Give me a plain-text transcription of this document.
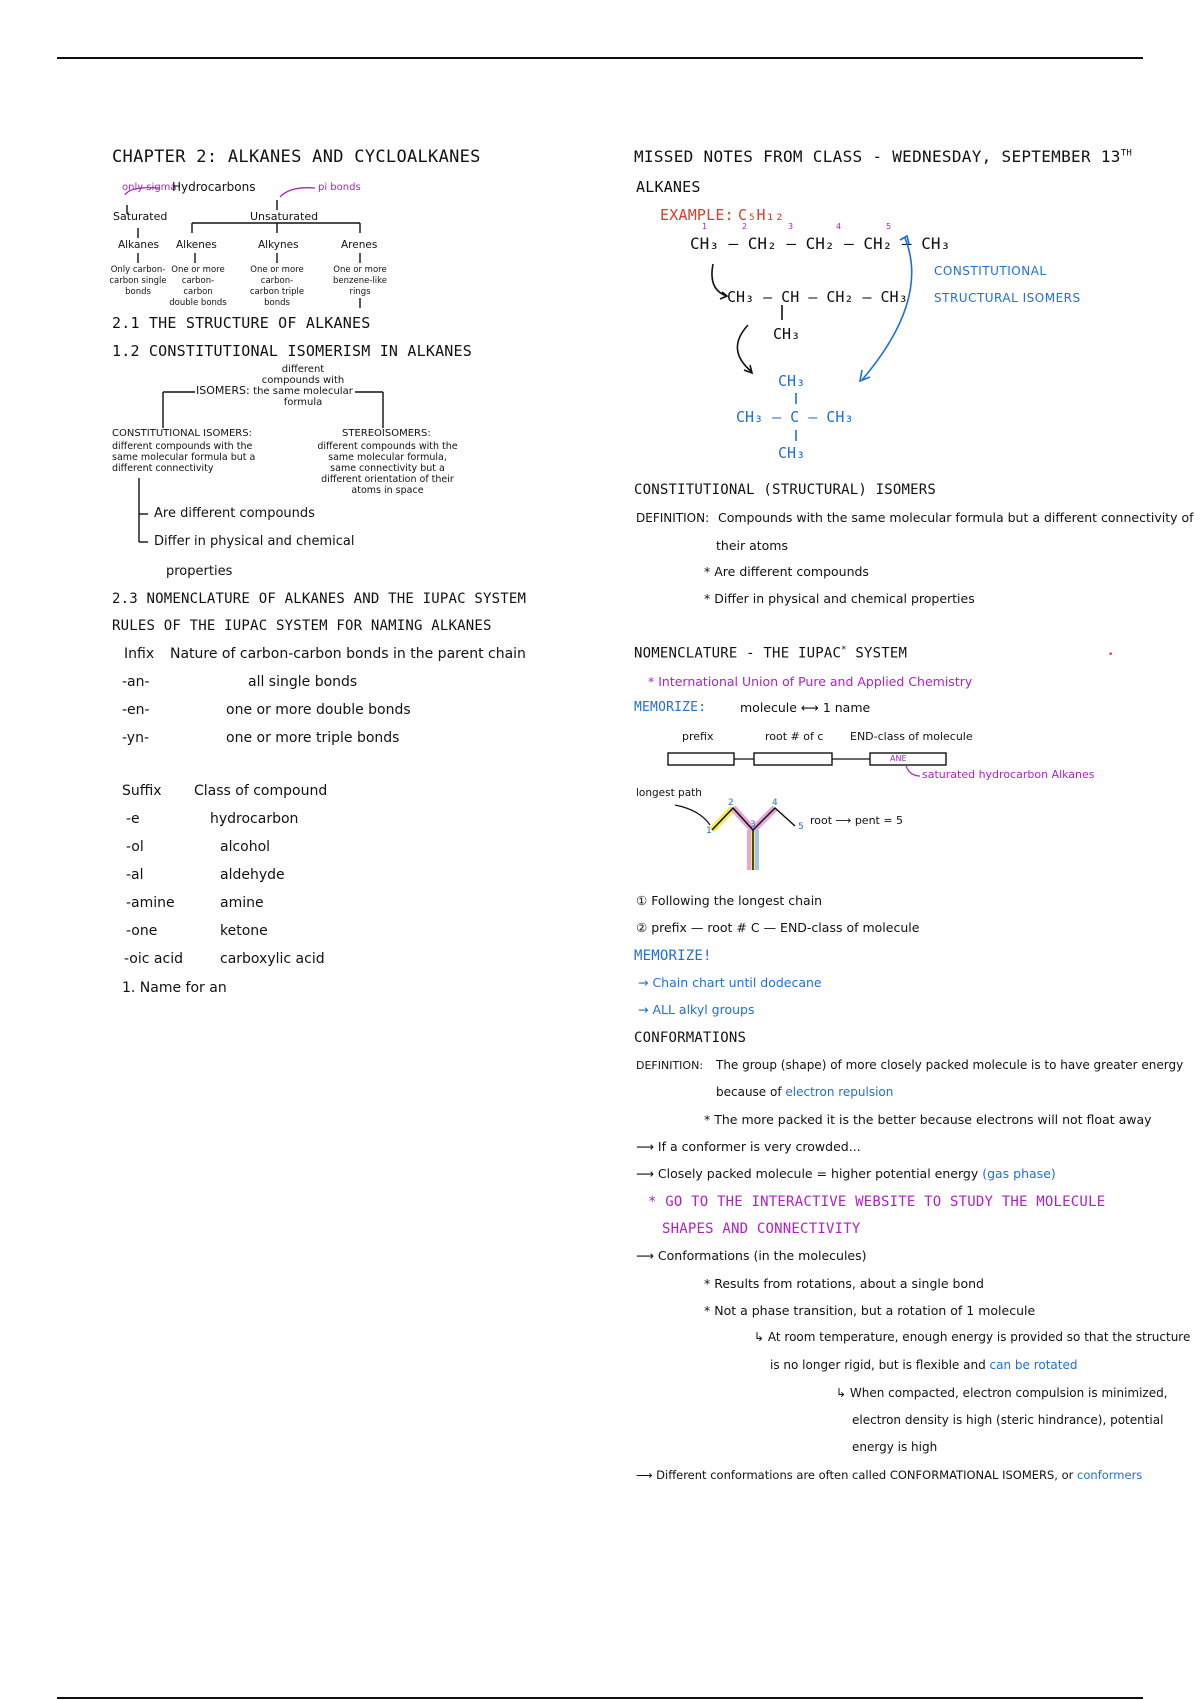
CHAPTER 2: ALKANES AND CYCLOALKANES
only sigma
Hydrocarbons	pi bonds
Saturated	Unsaturated
Alkanes Alkenes	Alkynes	Arenes
Only carbon-carbon single bonds
One or more carbon-carbon double bonds
One or more carbon-carbon triple bonds
One or more benzene-like rings
2.1 THE STRUCTURE OF ALKANES
1.2 CONSTITUTIONAL ISOMERISM IN ALKANES
ISOMERS:
different compounds with the same molecular formula
CONSTITUTIONAL ISOMERS:
different compounds with the same molecular formula but a different connectivity
STEREOISOMERS:
different compounds with the same molecular formula, same connectivity but a different orientation of their atoms in space
Are different compounds
Differ in physical and chemical
properties
2.3 NOMENCLATURE OF ALKANES AND THE IUPAC SYSTEM
RULES OF THE IUPAC SYSTEM FOR NAMING ALKANES
Infix Nature of carbon-carbon bonds in the parent chain
-an-	all single bonds
-en-	one or more double bonds
-yn-	one or more triple bonds
Suffix Class of compound
-e	hydrocarbon
-ol	alcohol
-al	aldehyde
-amine	amine
-one	ketone
-oic acid	carboxylic acid
1. Name for an
MISSED NOTES FROM CLASS - WEDNESDAY, SEPTEMBER 13TH
ALKANES
EXAMPLE: C₅H₁₂
1	2	3	4	5
CH₃ – CH₂ – CH₂ – CH₂ – CH₃
CH₃ – CH – CH₂ – CH₃
CH₃
CH₃
CH₃ – C – CH₃
CH₃
CONSTITUTIONAL
STRUCTURAL ISOMERS
CONSTITUTIONAL (STRUCTURAL) ISOMERS
DEFINITION: Compounds with the same molecular formula but a different connectivity of
their atoms
* Are different compounds
* Differ in physical and chemical properties
NOMENCLATURE - THE IUPAC* SYSTEM
* International Union of Pure and Applied Chemistry
MEMORIZE:	molecule ⟷ 1 name
prefix	root # of c END-class of molecule
ANE
saturated hydrocarbon Alkanes
longest path
1
2
3
4
5 root ⟶ pent = 5
① Following the longest chain
② prefix — root # C — END-class of molecule
MEMORIZE!
→ Chain chart until dodecane
→ ALL alkyl groups
CONFORMATIONS
DEFINITION: The group (shape) of more closely packed molecule is to have greater energy
because of electron repulsion
* The more packed it is the better because electrons will not float away
⟶ If a conformer is very crowded...
⟶ Closely packed molecule = higher potential energy (gas phase)
* GO TO THE INTERACTIVE WEBSITE TO STUDY THE MOLECULE
SHAPES AND CONNECTIVITY
⟶ Conformations (in the molecules)
* Results from rotations, about a single bond
* Not a phase transition, but a rotation of 1 molecule
↳ At room temperature, enough energy is provided so that the structure
is no longer rigid, but is flexible and can be rotated
↳ When compacted, electron compulsion is minimized,
electron density is high (steric hindrance), potential
energy is high
⟶ Different conformations are often called CONFORMATIONAL ISOMERS, or conformers
•
